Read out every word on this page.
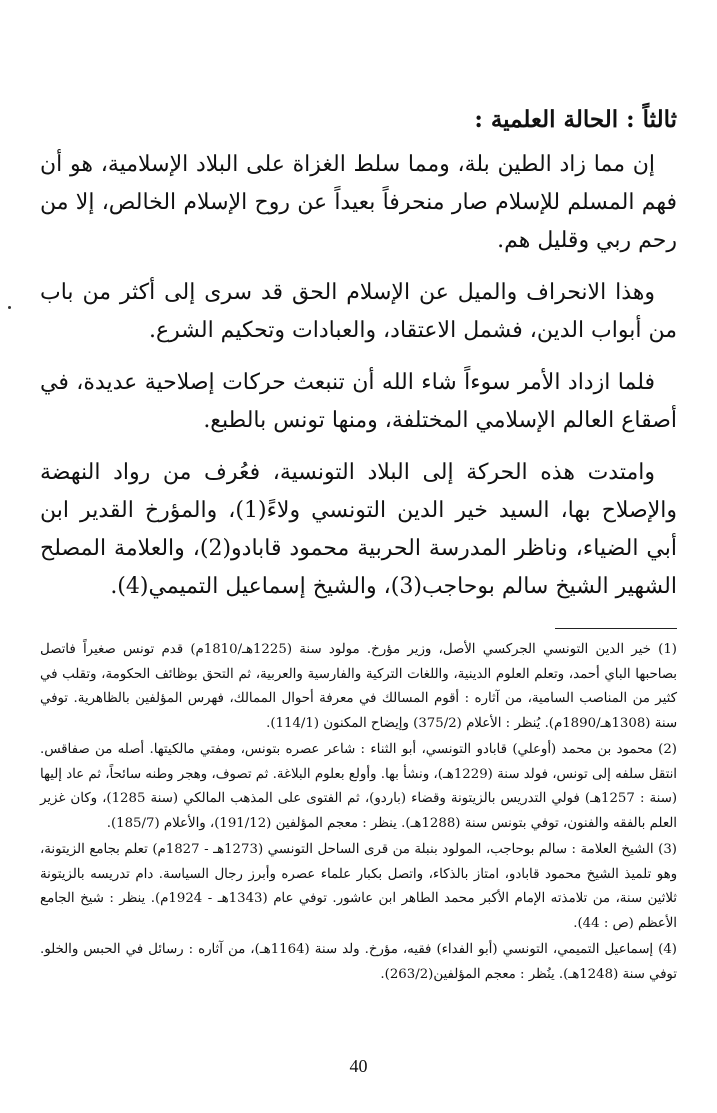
ثالثاً : الحالة العلمية :

إن مما زاد الطين بلة، ومما سلط الغزاة على البلاد الإسلامية، هو أن فهم المسلم للإسلام صار منحرفاً بعيداً عن روح الإسلام الخالص، إلا من رحم ربي وقليل هم.

وهذا الانحراف والميل عن الإسلام الحق قد سرى إلى أكثر من باب من أبواب الدين، فشمل الاعتقاد، والعبادات وتحكيم الشرع.

فلما ازداد الأمر سوءاً شاء الله أن تنبعث حركات إصلاحية عديدة، في أصقاع العالم الإسلامي المختلفة، ومنها تونس بالطبع.

وامتدت هذه الحركة إلى البلاد التونسية، فعُرف من رواد النهضة والإصلاح بها، السيد خير الدين التونسي ولاءً(1)، والمؤرخ القدير ابن أبي الضياء، وناظر المدرسة الحربية محمود قابادو(2)، والعلامة المصلح الشهير الشيخ سالم بوحاجب(3)، والشيخ إسماعيل التميمي(4).

(1) خير الدين التونسي الجركسي الأصل، وزير مؤرخ. مولود سنة (1225هـ/1810م) قدم تونس صغيراً فاتصل بصاحبها الباي أحمد، وتعلم العلوم الدينية، واللغات التركية والفارسية والعربية، ثم التحق بوظائف الحكومة، وتقلب في كثير من المناصب السامية، من آثاره : أقوم المسالك في معرفة أحوال الممالك، فهرس المؤلفين بالظاهرية. توفي سنة (1308هـ/1890م). يُنظر : الأعلام (375/2) وإيضاح المكنون (114/1).
(2) محمود بن محمد (أوعلي) قابادو التونسي، أبو الثناء : شاعر عصره بتونس، ومفتي مالكيتها. أصله من صفاقس. انتقل سلفه إلى تونس، فولد سنة (1229هـ)، ونشأ بها. وأولع بعلوم البلاغة. ثم تصوف، وهجر وطنه سائحاً، ثم عاد إليها (سنة : 1257هـ) فولي التدريس بالزيتونة وقضاء (باردو)، ثم الفتوى على المذهب المالكي (سنة 1285)، وكان غزير العلم بالفقه والفنون، توفي بتونس سنة (1288هـ). ينظر : معجم المؤلفين (191/12)، والأعلام (185/7).
(3) الشيخ العلامة : سالم بوحاجب، المولود بنبلة من قرى الساحل التونسي (1273هـ - 1827م) تعلم بجامع الزيتونة، وهو تلميذ الشيخ محمود قابادو، امتاز بالذكاء، واتصل بكبار علماء عصره وأبرز رجال السياسة. دام تدريسه بالزيتونة ثلاثين سنة، من تلامذته الإمام الأكبر محمد الطاهر ابن عاشور. توفي عام (1343هـ - 1924م). ينظر : شيخ الجامع الأعظم (ص : 44).
(4) إسماعيل التميمي، التونسي (أبو الفداء) فقيه، مؤرخ. ولد سنة (1164هـ)، من آثاره : رسائل في الحبس والخلو. توفي سنة (1248هـ). ينُظر : معجم المؤلفين(263/2).
40
